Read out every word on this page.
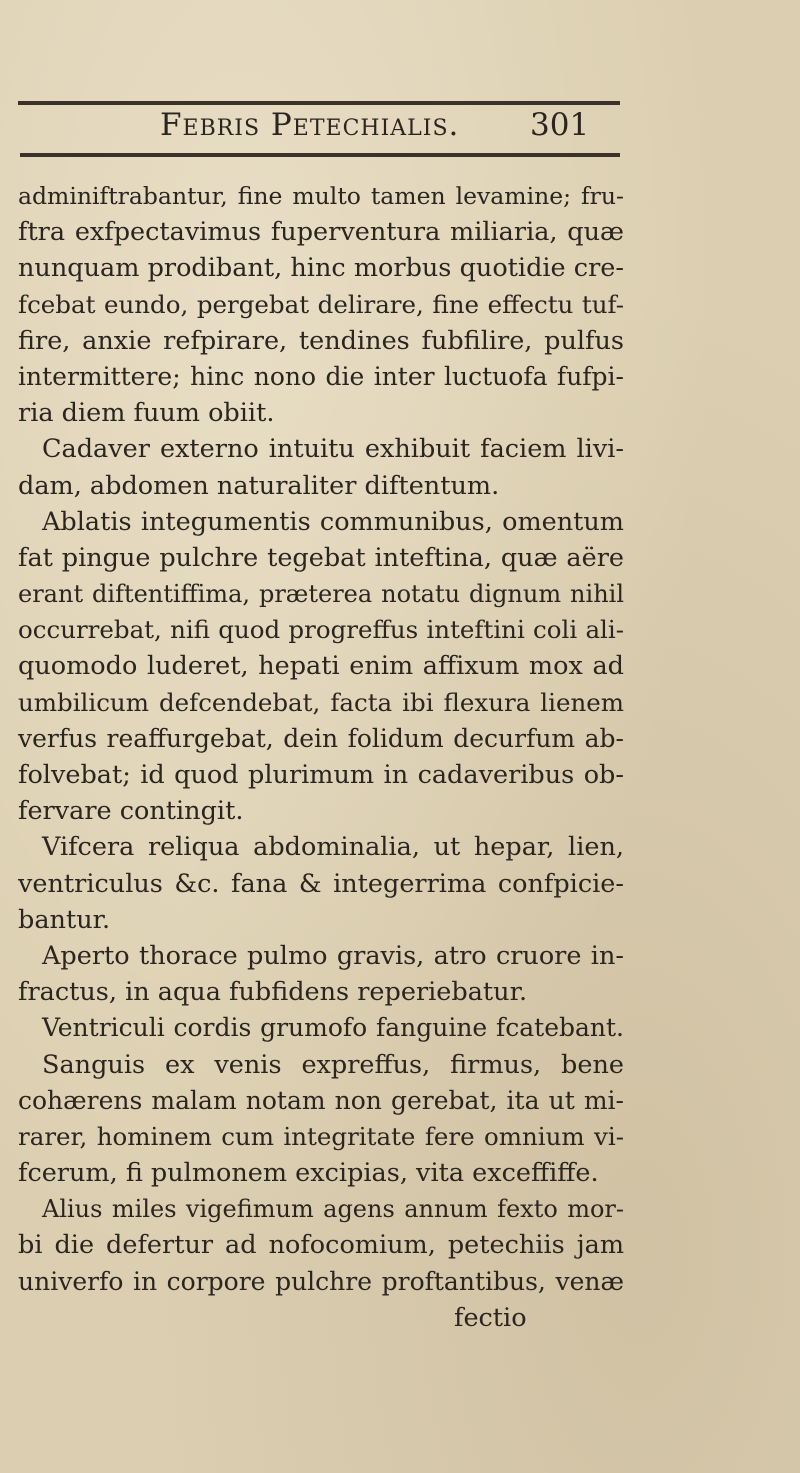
Febris Petechialis. 301
adminiftrabantur, fine multo tamen levamine; fru-
ftra exfpectavimus fuperventura miliaria, quæ
nunquam prodibant, hinc morbus quotidie cre-
fcebat eundo, pergebat delirare, fine effectu tuf-
fire, anxie refpirare, tendines fubfilire, pulfus
intermittere; hinc nono die inter luctuofa fufpi-
ria diem fuum obiit.
Cadaver externo intuitu exhibuit faciem livi-
dam, abdomen naturaliter diftentum.
Ablatis integumentis communibus, omentum
fat pingue pulchre tegebat inteftina, quæ aëre
erant diftentiffima, præterea notatu dignum nihil
occurrebat, nifi quod progreffus inteftini coli ali-
quomodo luderet, hepati enim affixum mox ad
umbilicum defcendebat, facta ibi flexura lienem
verfus reaffurgebat, dein folidum decurfum ab-
folvebat; id quod plurimum in cadaveribus ob-
fervare contingit.
Vifcera reliqua abdominalia, ut hepar, lien,
ventriculus &c. fana & integerrima confpicie-
bantur.
Aperto thorace pulmo gravis, atro cruore in-
fractus, in aqua fubfidens reperiebatur.
Ventriculi cordis grumofo fanguine fcatebant.
Sanguis ex venis expreffus, firmus, bene
cohærens malam notam non gerebat, ita ut mi-
rarer, hominem cum integritate fere omnium vi-
fcerum, fi pulmonem excipias, vita exceffiffe.
Alius miles vigefimum agens annum fexto mor-
bi die defertur ad nofocomium, petechiis jam
univerfo in corpore pulchre proftantibus, venæ
fectio
